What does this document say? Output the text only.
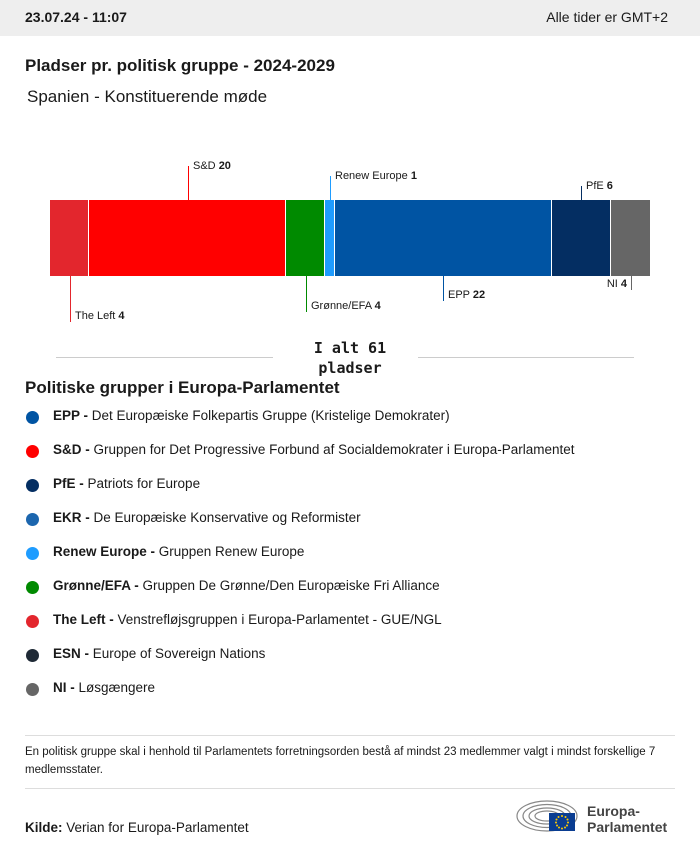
23.07.24 - 11:07	Alle tider er GMT+2
Pladser pr. politisk gruppe - 2024-2029
Spanien - Konstituerende møde
The Left 4
S&D 20
Grønne/EFA 4
Renew Europe 1
EPP 22
PfE 6
NI 4
I alt 61 pladser
Politiske grupper i Europa-Parlamentet
EPP - Det Europæiske Folkepartis Gruppe (Kristelige Demokrater)
S&D - Gruppen for Det Progressive Forbund af Socialdemokrater i Europa-Parlamentet
PfE - Patriots for Europe
EKR - De Europæiske Konservative og Reformister
Renew Europe - Gruppen Renew Europe
Grønne/EFA - Gruppen De Grønne/Den Europæiske Fri Alliance
The Left - Venstrefløjsgruppen i Europa-Parlamentet - GUE/NGL
ESN - Europe of Sovereign Nations
NI - Løsgængere
En politisk gruppe skal i henhold til Parlamentets forretningsorden bestå af mindst 23 medlemmer valgt i mindst forskellige 7 medlemsstater.
Kilde: Verian for Europa-Parlamentet
Europa-
Parlamentet
